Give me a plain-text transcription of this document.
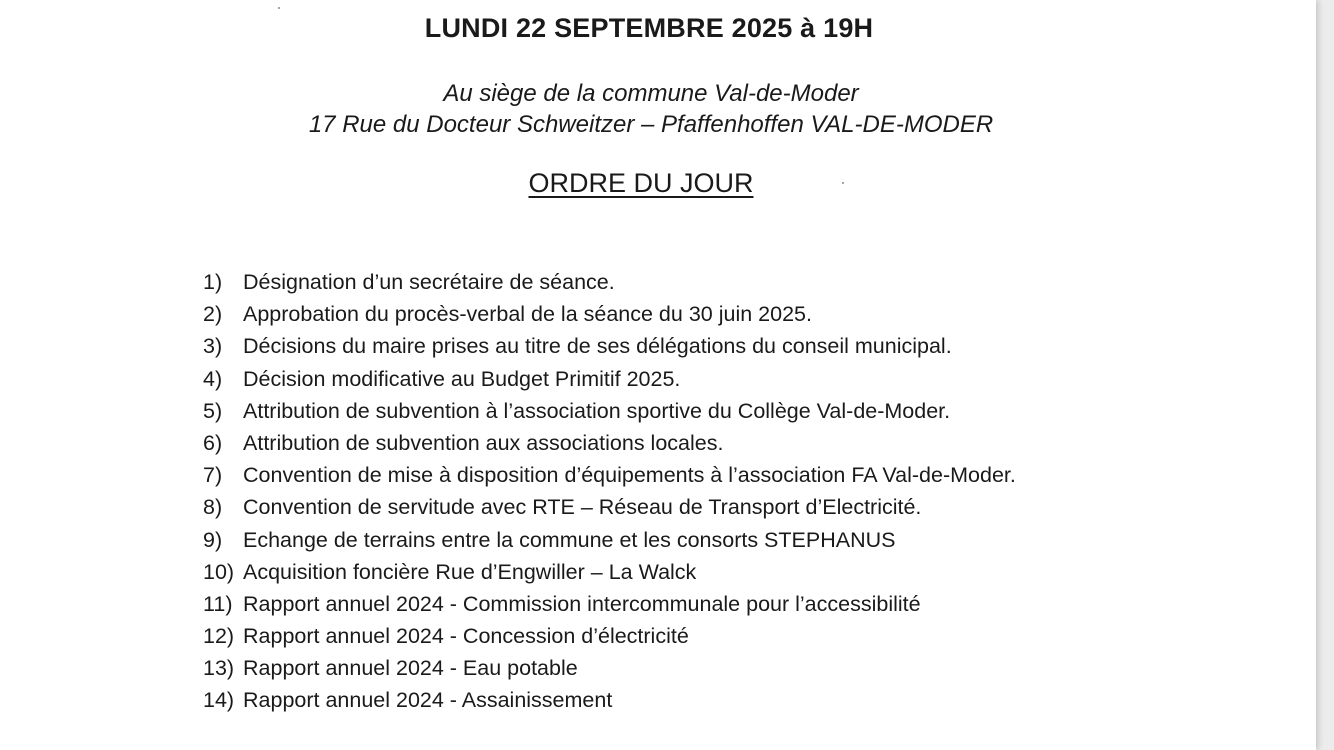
LUNDI 22 SEPTEMBRE 2025 à 19H
Au siège de la commune Val-de-Moder
17 Rue du Docteur Schweitzer – Pfaffenhoffen VAL-DE-MODER
ORDRE DU JOUR
1) Désignation d’un secrétaire de séance.
2) Approbation du procès-verbal de la séance du 30 juin 2025.
3) Décisions du maire prises au titre de ses délégations du conseil municipal.
4) Décision modificative au Budget Primitif 2025.
5) Attribution de subvention à l’association sportive du Collège Val-de-Moder.
6) Attribution de subvention aux associations locales.
7) Convention de mise à disposition d’équipements à l’association FA Val-de-Moder.
8) Convention de servitude avec RTE – Réseau de Transport d’Electricité.
9) Echange de terrains entre la commune et les consorts STEPHANUS
10) Acquisition foncière Rue d’Engwiller – La Walck
11) Rapport annuel 2024 - Commission intercommunale pour l’accessibilité
12) Rapport annuel 2024 - Concession d’électricité
13) Rapport annuel 2024 - Eau potable
14) Rapport annuel 2024 - Assainissement
